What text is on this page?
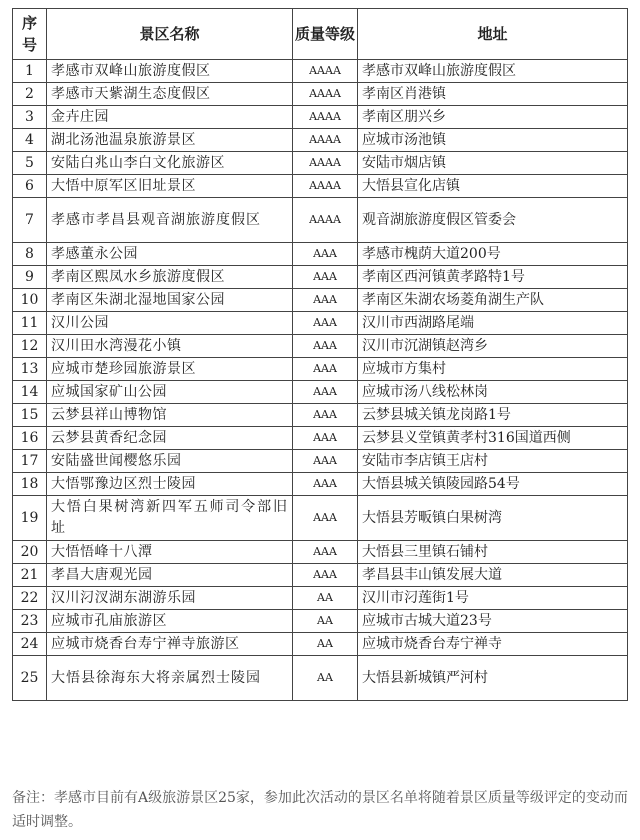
序号	景区名称	质量等级	地址
1	孝感市双峰山旅游度假区	AAAA	孝感市双峰山旅游度假区
2	孝感市天紫湖生态度假区	AAAA	孝南区肖港镇
3	金卉庄园	AAAA	孝南区朋兴乡
4	湖北汤池温泉旅游景区	AAAA	应城市汤池镇
5	安陆白兆山李白文化旅游区	AAAA	安陆市烟店镇
6	大悟中原军区旧址景区	AAAA	大悟县宣化店镇
7	孝感市孝昌县观音湖旅游度假区	AAAA	观音湖旅游度假区管委会
8	孝感董永公园	AAA	孝感市槐荫大道200号
9	孝南区熙凤水乡旅游度假区	AAA	孝南区西河镇黄孝路特1号
10	孝南区朱湖北湿地国家公园	AAA	孝南区朱湖农场菱角湖生产队
11	汉川公园	AAA	汉川市西湖路尾端
12	汉川田水湾漫花小镇	AAA	汉川市沉湖镇赵湾乡
13	应城市楚珍园旅游景区	AAA	应城市方集村
14	应城国家矿山公园	AAA	应城市汤八线松林岗
15	云梦县祥山博物馆	AAA	云梦县城关镇龙岗路1号
16	云梦县黄香纪念园	AAA	云梦县义堂镇黄孝村316国道西侧
17	安陆盛世闻樱悠乐园	AAA	安陆市李店镇王店村
18	大悟鄂豫边区烈士陵园	AAA	大悟县城关镇陵园路54号
19	大悟白果树湾新四军五师司令部旧址	AAA	大悟县芳畈镇白果树湾
20	大悟悟峰十八潭	AAA	大悟县三里镇石铺村
21	孝昌大唐观光园	AAA	孝昌县丰山镇发展大道
22	汉川汈汊湖东湖游乐园	AA	汉川市汈莲街1号
23	应城市孔庙旅游区	AA	应城市古城大道23号
24	应城市烧香台寿宁禅寺旅游区	AA	应城市烧香台寿宁禅寺
25	大悟县徐海东大将亲属烈士陵园	AA	大悟县新城镇严河村
备注：孝感市目前有A级旅游景区25家，参加此次活动的景区名单将随着景区质量等级评定的变动而适时调整。
